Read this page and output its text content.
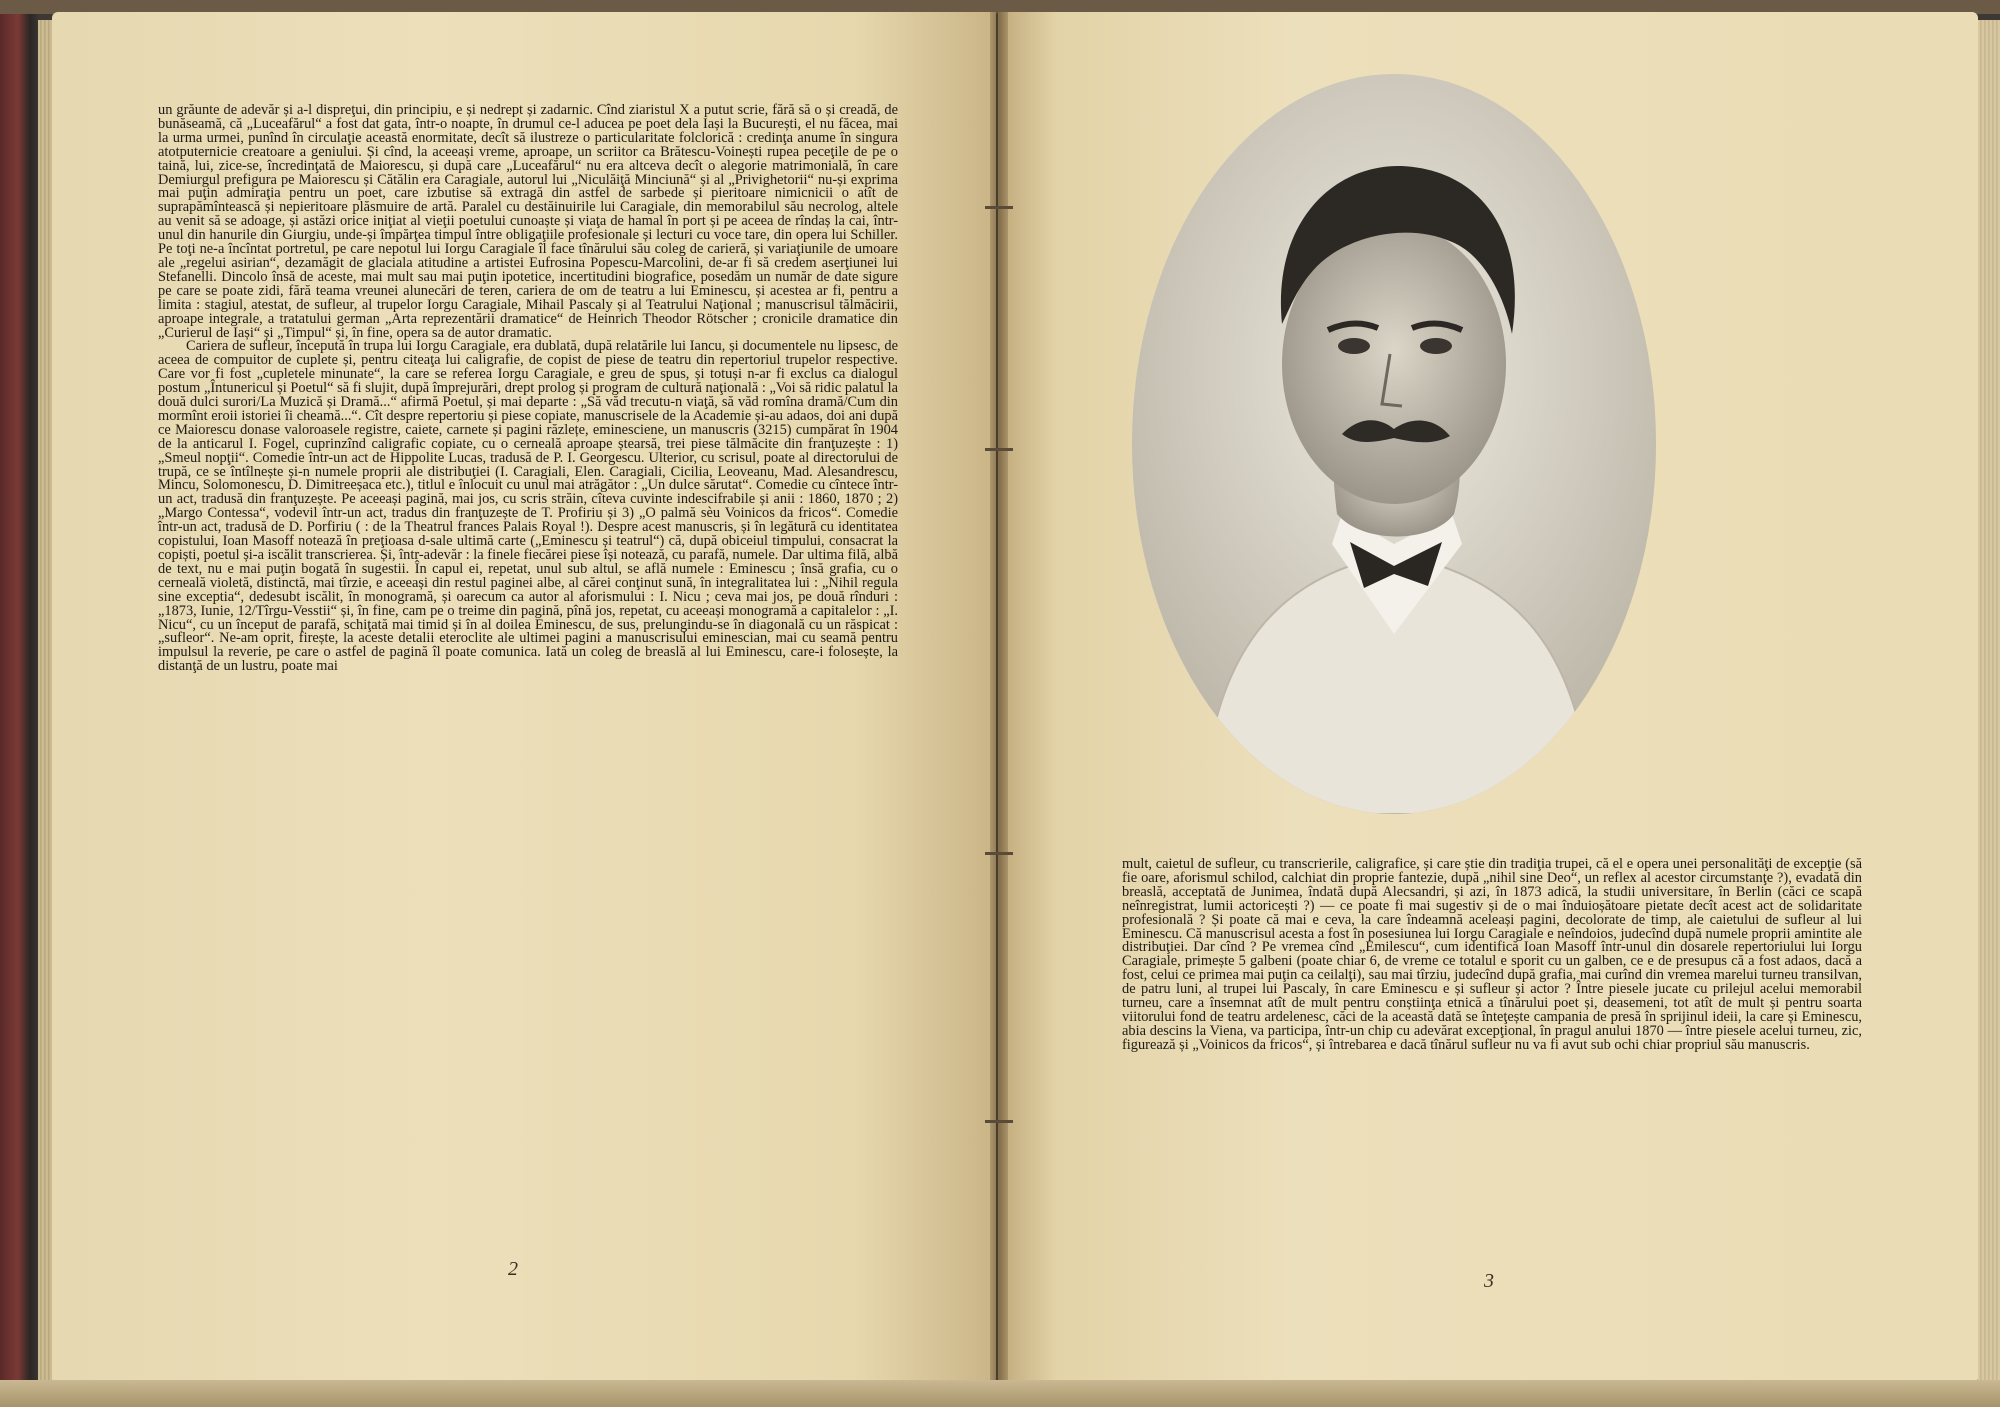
un grăunte de adevăr și a-l dispreţui, din principiu, e și nedrept și zadarnic. Cînd ziaristul X a putut scrie, fără să o și creadă, de bunăseamă, că „Luceafărul“ a fost dat gata, într-o noapte, în drumul ce-l aducea pe poet dela Iași la București, el nu făcea, mai la urma urmei, punînd în circulaţie această enormitate, decît să ilustreze o particularitate folclorică : credinţa anume în singura atotputernicie creatoare a geniului. Și cînd, la aceeași vreme, aproape, un scriitor ca Brătescu-Voinești rupea peceţile de pe o taină, lui, zice-se, încredinţată de Maiorescu, și după care „Luceafărul“ nu era altceva decît o alegorie matrimonială, în care Demiurgul prefigura pe Maiorescu și Cătălin era Caragiale, autorul lui „Niculăiţă Minciună“ și al „Privighetorii“ nu-și exprima mai puţin admiraţia pentru un poet, care izbutise să extragă din astfel de sarbede și pieritoare nimicnicii o atît de suprapămîntească și nepieritoare plăsmuire de artă. Paralel cu destăinuirile lui Caragiale, din memorabilul său necrolog, altele au venit să se adoage, și astăzi orice iniţiat al vieţii poetului cunoaște și viaţa de hamal în port și pe aceea de rîndaș la cai, într-unul din hanurile din Giurgiu, unde-și împărţea timpul între obligaţiile profesionale și lecturi cu voce tare, din opera lui Schiller. Pe toţi ne-a încîntat portretul, pe care nepotul lui Iorgu Caragiale îl face tînărului său coleg de carieră, și variaţiunile de umoare ale „regelui asirian“, dezamăgit de glaciala atitudine a artistei Eufrosina Popescu-Marcolini, de-ar fi să credem aserţiunei lui Stefanelli. Dincolo însă de aceste, mai mult sau mai puţin ipotetice, incertitudini biografice, posedăm un număr de date sigure pe care se poate zidi, fără teama vreunei alunecări de teren, cariera de om de teatru a lui Eminescu, și acestea ar fi, pentru a limita : stagiul, atestat, de sufleur, al trupelor Iorgu Caragiale, Mihail Pascaly și al Teatrului Naţional ; manuscrisul tălmăcirii, aproape integrale, a tratatului german „Arta reprezentării dramatice“ de Heinrich Theodor Rötscher ; cronicile dramatice din „Curierul de Iași“ și „Timpul“ și, în fine, opera sa de autor dramatic.

Cariera de sufleur, începută în trupa lui Iorgu Caragiale, era dublată, după relatările lui Iancu, și documentele nu lipsesc, de aceea de compuitor de cuplete și, pentru citeaţa lui caligrafie, de copist de piese de teatru din repertoriul trupelor respective. Care vor fi fost „cupletele minunate“, la care se referea Iorgu Caragiale, e greu de spus, și totuși n-ar fi exclus ca dialogul postum „Întunericul și Poetul“ să fi slujit, după împrejurări, drept prolog și program de cultură naţională : „Voi să ridic palatul la două dulci surori/La Muzică și Dramă...“ afirmă Poetul, și mai departe : „Să văd trecutu-n viaţă, să văd romîna dramă/Cum din mormînt eroii istoriei îi cheamă...“. Cît despre repertoriu și piese copiate, manuscrisele de la Academie și-au adaos, doi ani după ce Maiorescu donase valoroasele registre, caiete, carnete și pagini răzlețe, eminesciene, un manuscris (3215) cumpărat în 1904 de la anticarul I. Fogel, cuprinzînd caligrafic copiate, cu o cerneală aproape ștearsă, trei piese tălmăcite din franţuzește : 1) „Smeul nopţii“. Comedie într-un act de Hippolite Lucas, tradusă de P. I. Georgescu. Ulterior, cu scrisul, poate al directorului de trupă, ce se întîlnește și-n numele proprii ale distribuţiei (I. Caragiali, Elen. Caragiali, Cicilia, Leoveanu, Mad. Alesandrescu, Mincu, Solomonescu, D. Dimitreeșaca etc.), titlul e înlocuit cu unul mai atrăgător : „Un dulce sărutat“. Comedie cu cîntece într-un act, tradusă din franţuzește. Pe aceeași pagină, mai jos, cu scris străin, cîteva cuvinte indescifrabile și anii : 1860, 1870 ; 2) „Margo Contessa“, vodevil într-un act, tradus din franţuzește de T. Profiriu și 3) „O palmă sèu Voinicos da fricos“. Comedie într-un act, tradusă de D. Porfiriu ( : de la Theatrul frances Palais Royal !). Despre acest manuscris, și în legătură cu identitatea copistului, Ioan Masoff notează în preţioasa d-sale ultimă carte („Eminescu și teatrul“) că, după obiceiul timpului, consacrat la copiști, poetul și-a iscălit transcrierea. Și, într-adevăr : la finele fiecărei piese își notează, cu parafă, numele. Dar ultima filă, albă de text, nu e mai puţin bogată în sugestii. În capul ei, repetat, unul sub altul, se află numele : Eminescu ; însă grafia, cu o cerneală violetă, distinctă, mai tîrzie, e aceeași din restul paginei albe, al cărei conţinut sună, în integralitatea lui : „Nihil regula sine exceptia“, dedesubt iscălit, în monogramă, și oarecum ca autor al aforismului : I. Nicu ; ceva mai jos, pe două rînduri : „1873, Iunie, 12/Tîrgu-Vesstii“ și, în fine, cam pe o treime din pagină, pînă jos, repetat, cu aceeași monogramă a capitalelor : „I. Nicu“, cu un început de parafă, schiţată mai timid și în al doilea Eminescu, de sus, prelungindu-se în diagonală cu un răspicat : „sufleor“. Ne-am oprit, firește, la aceste detalii eteroclite ale ultimei pagini a manuscrisului eminescian, mai cu seamă pentru impulsul la reverie, pe care o astfel de pagină îl poate comunica. Iată un coleg de breaslă al lui Eminescu, care-i folosește, la distanţă de un lustru, poate mai

2

mult, caietul de sufleur, cu transcrierile, caligrafice, și care știe din tradiţia trupei, că el e opera unei personalităţi de excepţie (să fie oare, aforismul schilod, calchiat din proprie fantezie, după „nihil sine Deo“, un reflex al acestor circumstanţe ?), evadată din breaslă, acceptată de Junimea, îndată după Alecsandri, și azi, în 1873 adică, la studii universitare, în Berlin (căci ce scapă neînregistrat, lumii actoricești ?) — ce poate fi mai sugestiv și de o mai înduioșătoare pietate decît acest act de solidaritate profesională ? Și poate că mai e ceva, la care îndeamnă aceleași pagini, decolorate de timp, ale caietului de sufleur al lui Eminescu. Că manuscrisul acesta a fost în posesiunea lui Iorgu Caragiale e neîndoios, judecînd după numele proprii amintite ale distribuţiei. Dar cînd ? Pe vremea cînd „Emilescu“, cum identifică Ioan Masoff într-unul din dosarele repertoriului lui Iorgu Caragiale, primește 5 galbeni (poate chiar 6, de vreme ce totalul e sporit cu un galben, ce e de presupus că a fost adaos, dacă a fost, celui ce primea mai puţin ca ceilalţi), sau mai tîrziu, judecînd după grafia, mai curînd din vremea marelui turneu transilvan, de patru luni, al trupei lui Pascaly, în care Eminescu e și sufleur și actor ? Între piesele jucate cu prilejul acelui memorabil turneu, care a însemnat atît de mult pentru conștiinţa etnică a tînărului poet și, deasemeni, tot atît de mult și pentru soarta viitorului fond de teatru ardelenesc, căci de la această dată se înteţește campania de presă în sprijinul ideii, la care și Eminescu, abia descins la Viena, va participa, într-un chip cu adevărat excepţional, în pragul anului 1870 — între piesele acelui turneu, zic, figurează și „Voinicos da fricos“, și întrebarea e dacă tînărul sufleur nu va fi avut sub ochi chiar propriul său manuscris.

3
